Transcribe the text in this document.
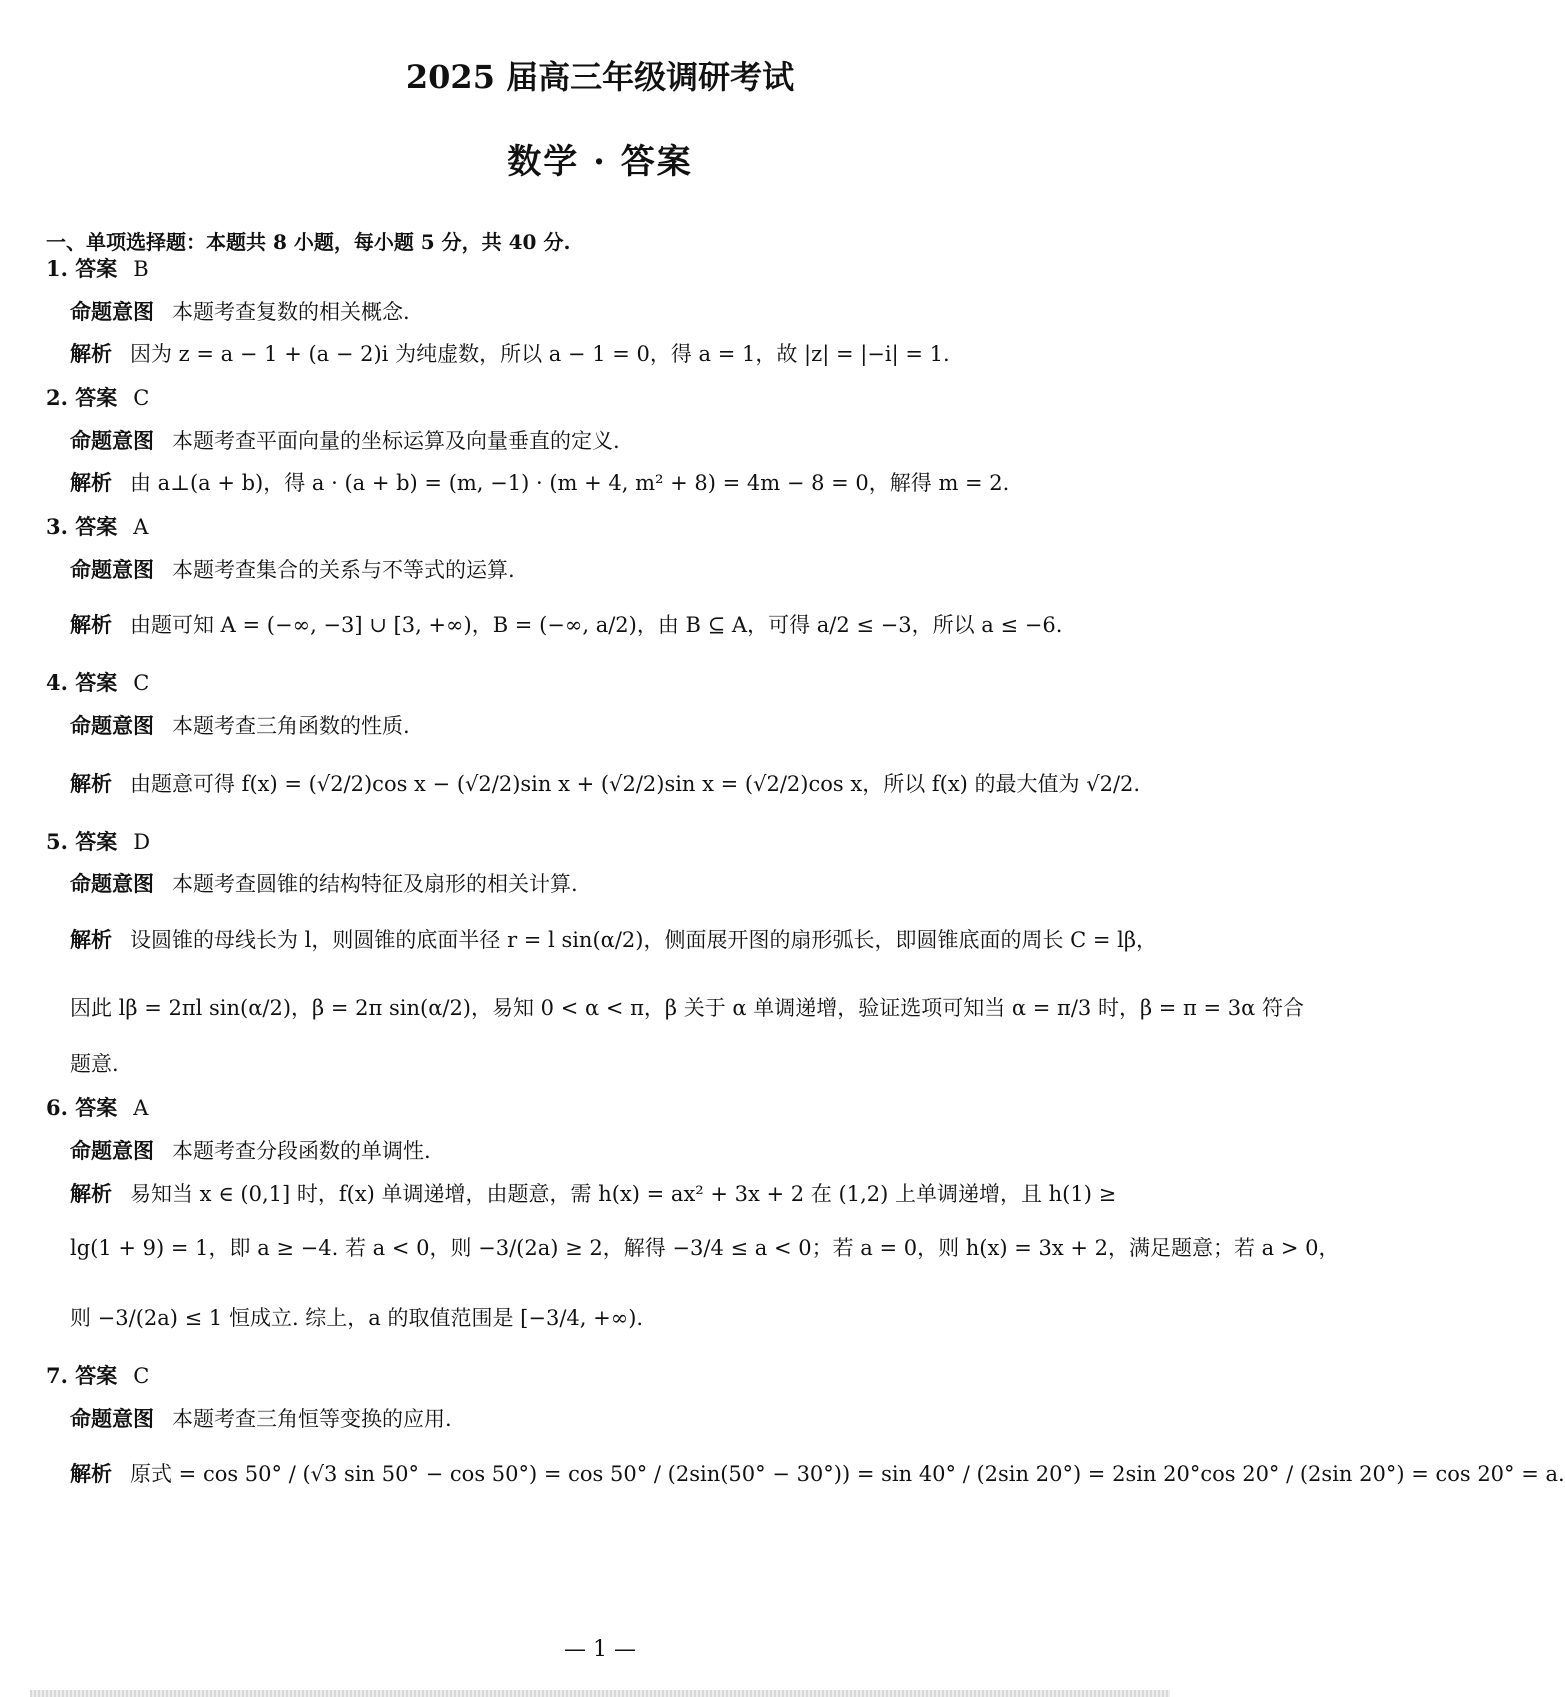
2025 届高三年级调研考试
数学 · 答案
一、单项选择题：本题共 8 小题，每小题 5 分，共 40 分.
1. 答案 B
命题意图 本题考查复数的相关概念.
解析 因为 z = a − 1 + (a − 2)i 为纯虚数，所以 a − 1 = 0，得 a = 1，故 |z| = |−i| = 1.
2. 答案 C
命题意图 本题考查平面向量的坐标运算及向量垂直的定义.
解析 由 a⊥(a + b)，得 a · (a + b) = (m, −1) · (m + 4, m² + 8) = 4m − 8 = 0，解得 m = 2.
3. 答案 A
命题意图 本题考查集合的关系与不等式的运算.
解析 由题可知 A = (−∞, −3] ∪ [3, +∞)，B = (−∞, a/2)，由 B ⊆ A，可得 a/2 ≤ −3，所以 a ≤ −6.
4. 答案 C
命题意图 本题考查三角函数的性质.
解析 由题意可得 f(x) = (√2/2)cos x − (√2/2)sin x + (√2/2)sin x = (√2/2)cos x，所以 f(x) 的最大值为 √2/2.
5. 答案 D
命题意图 本题考查圆锥的结构特征及扇形的相关计算.
解析 设圆锥的母线长为 l，则圆锥的底面半径 r = l sin(α/2)，侧面展开图的扇形弧长，即圆锥底面的周长 C = lβ，
因此 lβ = 2πl sin(α/2)，β = 2π sin(α/2)，易知 0 < α < π，β 关于 α 单调递增，验证选项可知当 α = π/3 时，β = π = 3α 符合
题意.
6. 答案 A
命题意图 本题考查分段函数的单调性.
解析 易知当 x ∈ (0,1] 时，f(x) 单调递增，由题意，需 h(x) = ax² + 3x + 2 在 (1,2) 上单调递增，且 h(1) ≥
lg(1 + 9) = 1，即 a ≥ −4. 若 a < 0，则 −3/(2a) ≥ 2，解得 −3/4 ≤ a < 0；若 a = 0，则 h(x) = 3x + 2，满足题意；若 a > 0，
则 −3/(2a) ≤ 1 恒成立. 综上，a 的取值范围是 [−3/4, +∞).
7. 答案 C
命题意图 本题考查三角恒等变换的应用.
解析 原式 = cos 50° / (√3 sin 50° − cos 50°) = cos 50° / (2sin(50° − 30°)) = sin 40° / (2sin 20°) = 2sin 20°cos 20° / (2sin 20°) = cos 20° = a.
— 1 —
